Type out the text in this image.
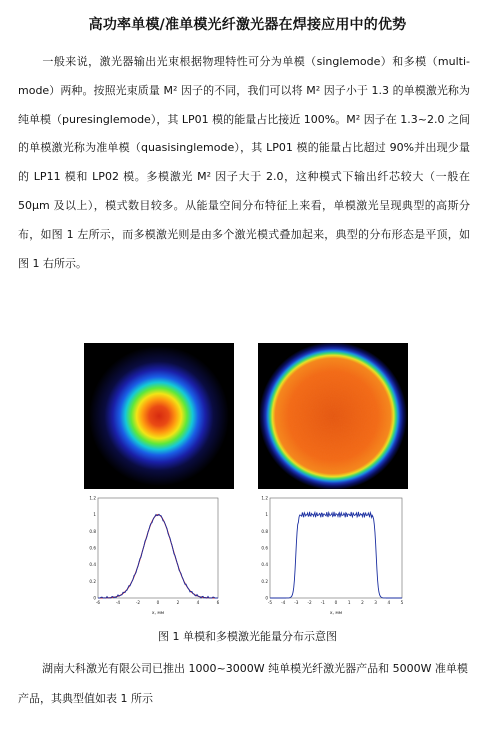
高功率单模/准单模光纤激光器在焊接应用中的优势
一般来说，激光器输出光束根据物理特性可分为单模（singlemode）和多模（multi-mode）两种。按照光束质量 M² 因子的不同，我们可以将 M² 因子小于 1.3 的单模激光称为纯单模（puresinglemode），其 LP01 模的能量占比接近 100%。M² 因子在 1.3~2.0 之间的单模激光称为准单模（quasisinglemode），其 LP01 模的能量占比超过 90%并出现少量的 LP11 模和 LP02 模。多模激光 M² 因子大于 2.0，这种模式下输出纤芯较大（一般在 50μm 及以上），模式数目较多。从能量空间分布特征上来看，单模激光呈现典型的高斯分布，如图 1 左所示，而多模激光则是由多个激光模式叠加起来，典型的分布形态是平顶，如图 1 右所示。
1.2
1
0.8
0.6
0.4
0.2
0
-6	-4	-2	0	2	4	6
x, мм
1.2
1
0.8
0.6
0.4
0.2
0
-5 -4 -3 -2 -1 0	1	2	3	4	5
x, мм
图 1 单模和多模激光能量分布示意图
湖南大科激光有限公司已推出 1000~3000W 纯单模光纤激光器产品和 5000W 准单模产品，其典型值如表 1 所示
